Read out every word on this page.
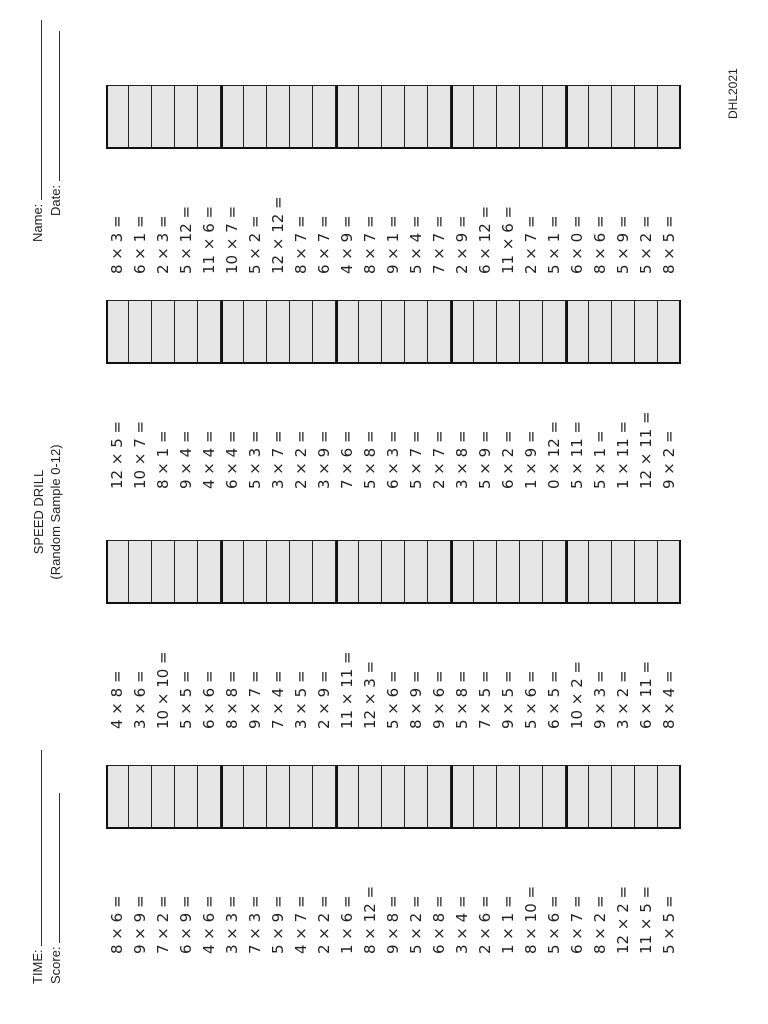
TIME: Score:
SPEED DRILL (Random Sample 0-12)
Name:
Date:
DHL2021
8 × 6 = 9 × 9 = 7 × 2 = 6 × 9 = 4 × 6 = 3 × 3 = 7 × 3 = 5 × 9 = 4 × 7 = 2 × 2 = 1 × 6 = 8 × 12 = 9 × 8 = 5 × 2 = 6 × 8 = 3 × 4 = 2 × 6 = 1 × 1 = 8 × 10 = 5 × 6 = 6 × 7 = 8 × 2 = 12 × 2 = 11 × 5 = 5 × 5 =
4 × 8 = 3 × 6 = 10 × 10 = 5 × 5 = 6 × 6 = 8 × 8 = 9 × 7 = 7 × 4 = 3 × 5 = 2 × 9 = 11 × 11 = 12 × 3 = 5 × 6 = 8 × 9 = 9 × 6 = 5 × 8 = 7 × 5 = 9 × 5 = 5 × 6 = 6 × 5 = 10 × 2 = 9 × 3 = 3 × 2 = 6 × 11 = 8 × 4 =
12 × 5 = 10 × 7 = 8 × 1 = 9 × 4 = 4 × 4 = 6 × 4 = 5 × 3 = 3 × 7 = 2 × 2 = 3 × 9 = 7 × 6 = 5 × 8 = 6 × 3 = 5 × 7 = 2 × 7 = 3 × 8 = 5 × 9 = 6 × 2 = 1 × 9 = 0 × 12 = 5 × 11 = 5 × 1 = 1 × 11 = 12 × 11 = 9 × 2 =
8 × 3 = 6 × 1 = 2 × 3 = 5 × 12 = 11 × 6 = 10 × 7 = 5 × 2 = 12 × 12 = 8 × 7 = 6 × 7 = 4 × 9 = 8 × 7 = 9 × 1 = 5 × 4 = 7 × 7 = 2 × 9 = 6 × 12 = 11 × 6 = 2 × 7 = 5 × 1 = 6 × 0 = 8 × 6 = 5 × 9 = 5 × 2 = 8 × 5 =
